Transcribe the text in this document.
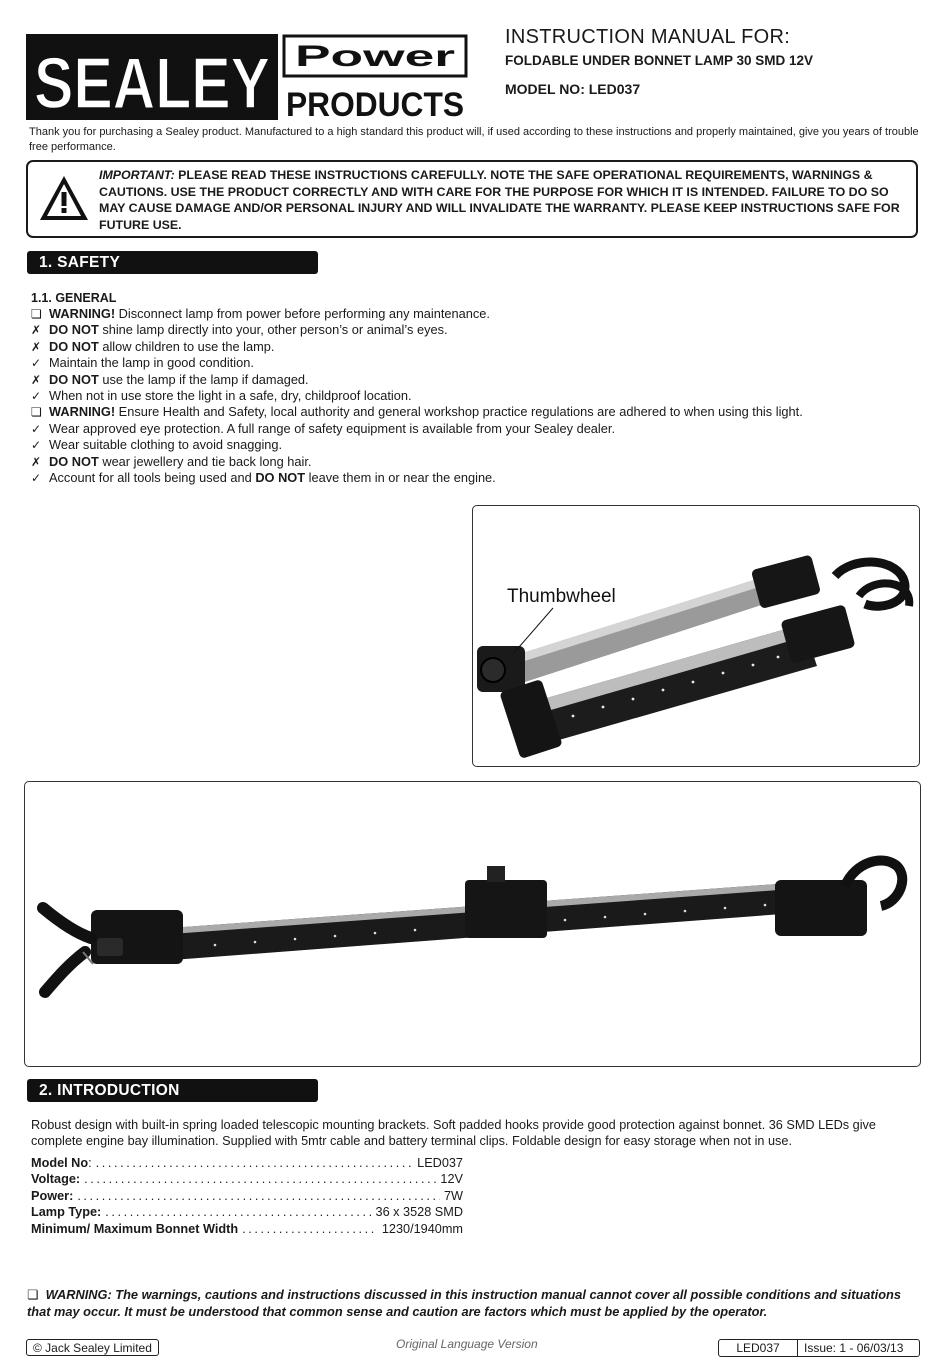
SEALEY Power
PRODUCTS

INSTRUCTION MANUAL FOR:

FOLDABLE UNDER BONNET LAMP 30 SMD 12V

MODEL NO: LED037

Thank you for purchasing a Sealey product. Manufactured to a high standard this product will, if used according to these instructions and properly maintained, give you years of trouble free performance.
IMPORTANT: PLEASE READ THESE INSTRUCTIONS CAREFULLY. NOTE THE SAFE OPERATIONAL REQUIREMENTS, WARNINGS & CAUTIONS. USE THE PRODUCT CORRECTLY AND WITH CARE FOR THE PURPOSE FOR WHICH IT IS INTENDED. FAILURE TO DO SO MAY CAUSE DAMAGE AND/OR PERSONAL INJURY AND WILL INVALIDATE THE WARRANTY. PLEASE KEEP INSTRUCTIONS SAFE FOR FUTURE USE.
1. SAFETY
1.1. GENERAL
❏ WARNING! Disconnect lamp from power before performing any maintenance.
✗ DO NOT shine lamp directly into your, other person’s or animal’s eyes.
✗ DO NOT allow children to use the lamp.
✓ Maintain the lamp in good condition.
✗ DO NOT use the lamp if the lamp if damaged.
✓ When not in use store the light in a safe, dry, childproof location.
❏ WARNING! Ensure Health and Safety, local authority and general workshop practice regulations are adhered to when using this light.
✓ Wear approved eye protection. A full range of safety equipment is available from your Sealey dealer.
✓ Wear suitable clothing to avoid snagging.
✗ DO NOT wear jewellery and tie back long hair.
✓ Account for all tools being used and DO NOT leave them in or near the engine.
Thumbwheel
2. INTRODUCTION
Robust design with built-in spring loaded telescopic mounting brackets. Soft padded hooks provide good protection against bonnet. 36 SMD LEDs give complete engine bay illumination. Supplied with 5mtr cable and battery terminal clips. Foldable design for easy storage when not in use.
Model No : .....	LED037
Voltage: .....	12V
Power: .....	7W
Lamp Type: .....	36 x 3528 SMD
Minimum/ Maximum Bonnet Width .....	1230/1940mm
❏ WARNING: The warnings, cautions and instructions discussed in this instruction manual cannot cover all possible conditions and situations that may occur. It must be understood that common sense and caution are factors which must be applied by the operator.
© Jack Sealey Limited	Original Language Version	LED037	Issue: 1 - 06/03/13
